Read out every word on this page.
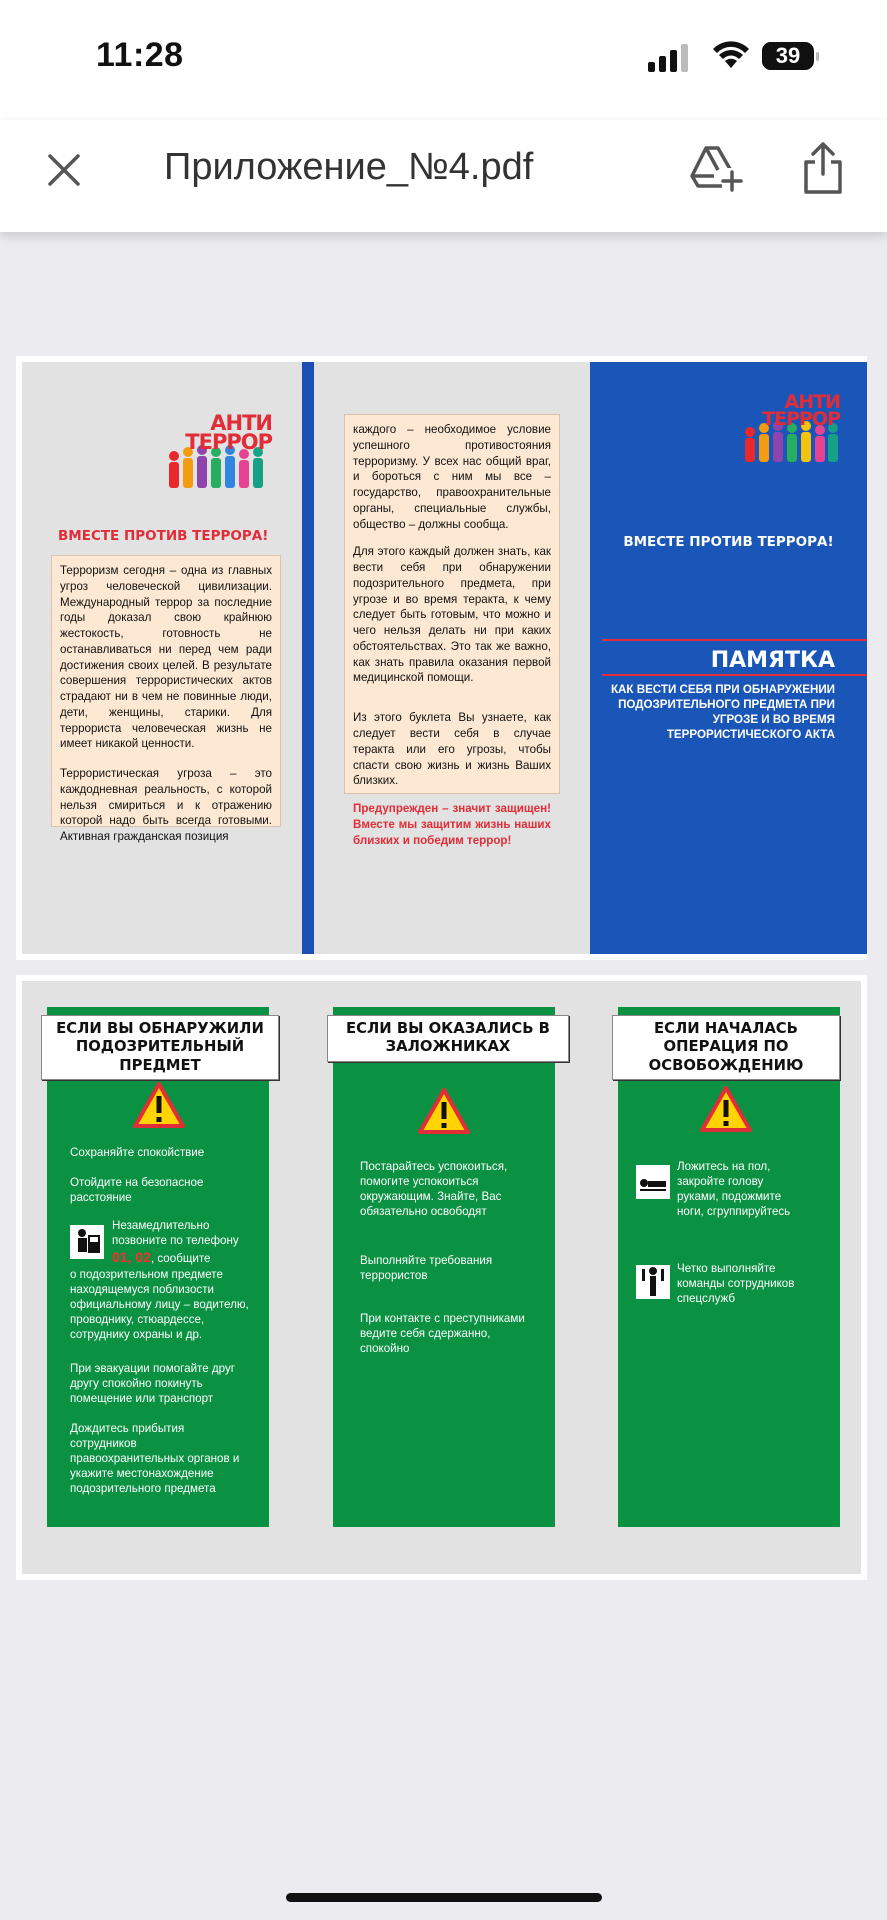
11:28	39
Приложение_№4.pdf
АНТИ ТЕРРОР
ВМЕСТЕ ПРОТИВ ТЕРРОРА!
Терроризм сегодня – одна из главных угроз человеческой цивилизации. Международный террор за последние годы доказал свою крайнюю жестокость, готовность не останавливаться ни перед чем ради достижения своих целей. В результате совершения террористических актов страдают ни в чем не повинные люди, дети, женщины, старики. Для террориста человеческая жизнь не имеет никакой ценности.
Террористическая угроза – это каждодневная реальность, с которой нельзя смириться и к отражению которой надо быть всегда готовыми. Активная гражданская позиция
каждого – необходимое условие успешного противостояния терроризму. У всех нас общий враг, и бороться с ним мы все – государство, правоохранительные органы, специальные службы, общество – должны сообща.
Для этого каждый должен знать, как вести себя при обнаружении подозрительного предмета, при угрозе и во время теракта, к чему следует быть готовым, что можно и чего нельзя делать ни при каких обстоятельствах. Это так же важно, как знать правила оказания первой медицинской помощи.
Из этого буклета Вы узнаете, как следует вести себя в случае теракта или его угрозы, чтобы спасти свою жизнь и жизнь Ваших близких.
Предупрежден – значит защищен! Вместе мы защитим жизнь наших близких и победим террор!
АНТИ ТЕРРОР
ВМЕСТЕ ПРОТИВ ТЕРРОРА!
ПАМЯТКА
КАК ВЕСТИ СЕБЯ ПРИ ОБНАРУЖЕНИИ ПОДОЗРИТЕЛЬНОГО ПРЕДМЕТА ПРИ УГРОЗЕ И ВО ВРЕМЯ ТЕРРОРИСТИЧЕСКОГО АКТА
ЕСЛИ ВЫ ОБНАРУЖИЛИ ПОДОЗРИТЕЛЬНЫЙ ПРЕДМЕТ
Сохраняйте спокойствие
Отойдите на безопасное расстояние
Незамедлительно позвоните по телефону 01, 02, сообщите
о подозрительном предмете находящемуся поблизости официальному лицу – водителю, проводнику, стюардессе, сотруднику охраны и др.
При эвакуации помогайте друг другу спокойно покинуть помещение или транспорт
Дождитесь прибытия сотрудников правоохранительных органов и укажите местонахождение подозрительного предмета
ЕСЛИ ВЫ ОКАЗАЛИСЬ В ЗАЛОЖНИКАХ
Постарайтесь успокоиться, помогите успокоиться окружающим. Знайте, Вас обязательно освободят
Выполняйте требования террористов
При контакте с преступниками ведите себя сдержанно, спокойно
ЕСЛИ НАЧАЛАСЬ ОПЕРАЦИЯ ПО ОСВОБОЖДЕНИЮ
Ложитесь на пол, закройте голову руками, подожмите ноги, сгруппируйтесь
Четко выполняйте команды сотрудников спецслужб
